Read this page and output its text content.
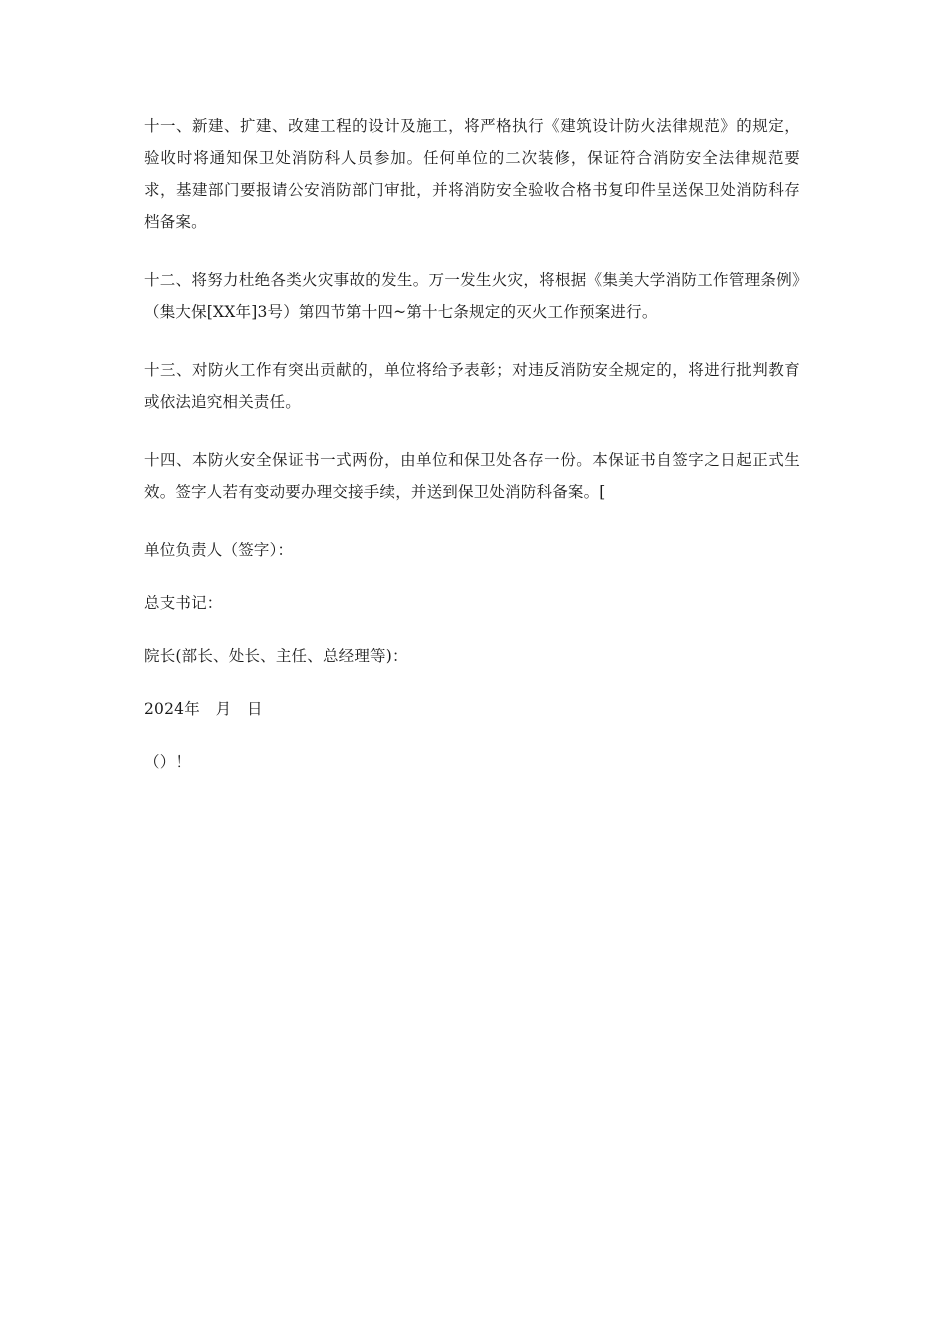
十一、新建、扩建、改建工程的设计及施工，将严格执行《建筑设计防火法律规范》的规定，验收时将通知保卫处消防科人员参加。任何单位的二次装修，保证符合消防安全法律规范要求，基建部门要报请公安消防部门审批，并将消防安全验收合格书复印件呈送保卫处消防科存档备案。

十二、将努力杜绝各类火灾事故的发生。万一发生火灾，将根据《集美大学消防工作管理条例》（集大保[XX年]3号）第四节第十四~第十七条规定的灭火工作预案进行。

十三、对防火工作有突出贡献的，单位将给予表彰；对违反消防安全规定的，将进行批判教育或依法追究相关责任。

十四、本防火安全保证书一式两份，由单位和保卫处各存一份。本保证书自签字之日起正式生效。签字人若有变动要办理交接手续，并送到保卫处消防科备案。[

单位负责人（签字）：

总支书记：

院长(部长、处长、主任、总经理等)：

2024年　月　日

（）！
